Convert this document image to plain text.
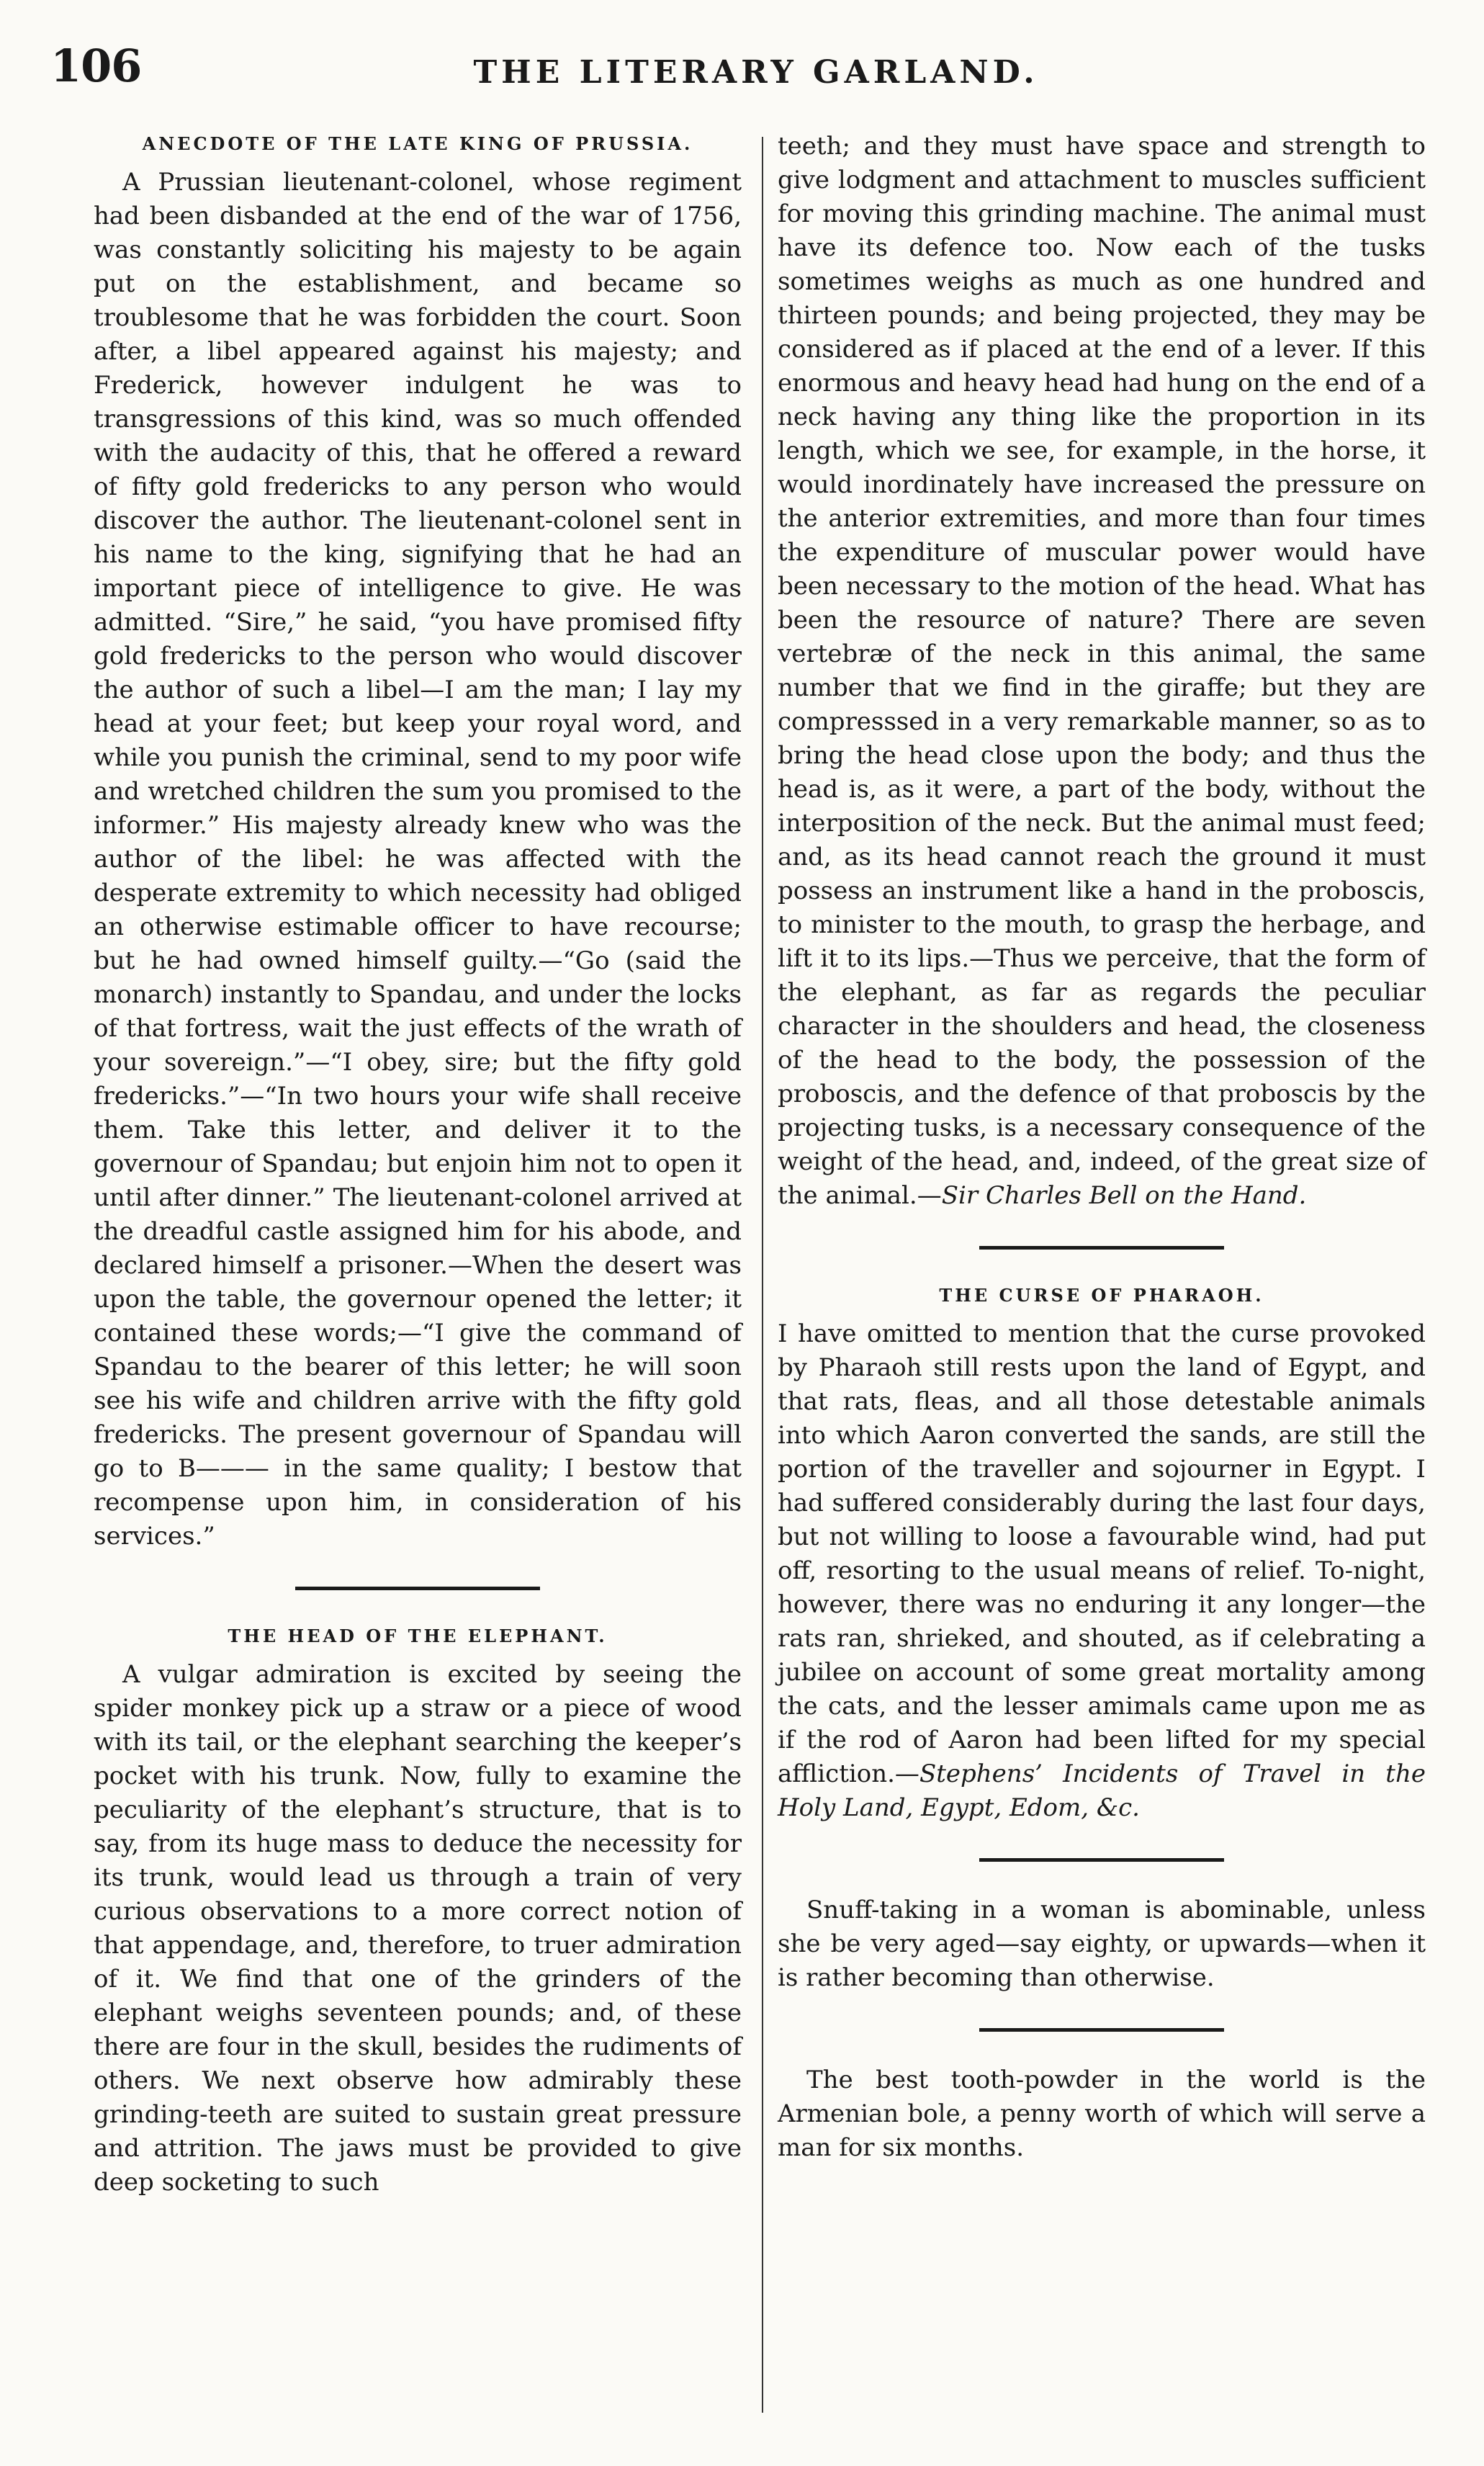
106	THE LITERARY GARLAND.
ANECDOTE OF THE LATE KING OF PRUSSIA.

A Prussian lieutenant-colonel, whose regiment had been disbanded at the end of the war of 1756, was constantly soliciting his majesty to be again put on the establishment, and became so troublesome that he was forbidden the court. Soon after, a libel appeared against his majesty; and Frederick, however indulgent he was to transgressions of this kind, was so much offended with the audacity of this, that he offered a reward of fifty gold fredericks to any person who would discover the author. The lieutenant-colonel sent in his name to the king, signifying that he had an important piece of intelligence to give. He was admitted. “Sire,” he said, “you have promised fifty gold fredericks to the person who would discover the author of such a libel—I am the man; I lay my head at your feet; but keep your royal word, and while you punish the criminal, send to my poor wife and wretched children the sum you promised to the informer.” His majesty already knew who was the author of the libel: he was affected with the desperate extremity to which necessity had obliged an otherwise estimable officer to have recourse; but he had owned himself guilty.—“Go (said the monarch) instantly to Spandau, and under the locks of that fortress, wait the just effects of the wrath of your sovereign.”—“I obey, sire; but the fifty gold fredericks.”—“In two hours your wife shall receive them. Take this letter, and deliver it to the governour of Spandau; but enjoin him not to open it until after dinner.” The lieutenant-colonel arrived at the dreadful castle assigned him for his abode, and declared himself a prisoner.—When the desert was upon the table, the governour opened the letter; it contained these words;—“I give the command of Spandau to the bearer of this letter; he will soon see his wife and children arrive with the fifty gold fredericks. The present governour of Spandau will go to B——— in the same quality; I bestow that recompense upon him, in consideration of his services.”

THE HEAD OF THE ELEPHANT.

A vulgar admiration is excited by seeing the spider monkey pick up a straw or a piece of wood with its tail, or the elephant searching the keeper’s pocket with his trunk. Now, fully to examine the peculiarity of the elephant’s structure, that is to say, from its huge mass to deduce the necessity for its trunk, would lead us through a train of very curious observations to a more correct notion of that appendage, and, therefore, to truer admiration of it. We find that one of the grinders of the elephant weighs seventeen pounds; and, of these there are four in the skull, besides the rudiments of others. We next observe how admirably these grinding-teeth are suited to sustain great pressure and attrition. The jaws must be provided to give deep socketing to such

teeth; and they must have space and strength to give lodgment and attachment to muscles sufficient for moving this grinding machine. The animal must have its defence too. Now each of the tusks sometimes weighs as much as one hundred and thirteen pounds; and being projected, they may be considered as if placed at the end of a lever. If this enormous and heavy head had hung on the end of a neck having any thing like the proportion in its length, which we see, for example, in the horse, it would inordinately have increased the pressure on the anterior extremities, and more than four times the expenditure of muscular power would have been necessary to the motion of the head. What has been the resource of nature? There are seven vertebræ of the neck in this animal, the same number that we find in the giraffe; but they are compresssed in a very remarkable manner, so as to bring the head close upon the body; and thus the head is, as it were, a part of the body, without the interposition of the neck. But the animal must feed; and, as its head cannot reach the ground it must possess an instrument like a hand in the proboscis, to minister to the mouth, to grasp the herbage, and lift it to its lips.—Thus we perceive, that the form of the elephant, as far as regards the peculiar character in the shoulders and head, the closeness of the head to the body, the possession of the proboscis, and the defence of that proboscis by the projecting tusks, is a necessary consequence of the weight of the head, and, indeed, of the great size of the animal.—Sir Charles Bell on the Hand.

THE CURSE OF PHARAOH.

I have omitted to mention that the curse provoked by Pharaoh still rests upon the land of Egypt, and that rats, fleas, and all those detestable animals into which Aaron converted the sands, are still the portion of the traveller and sojourner in Egypt. I had suffered considerably during the last four days, but not willing to loose a favourable wind, had put off, resorting to the usual means of relief. To-night, however, there was no enduring it any longer—the rats ran, shrieked, and shouted, as if celebrating a jubilee on account of some great mortality among the cats, and the lesser amimals came upon me as if the rod of Aaron had been lifted for my special affliction.—Stephens’ Incidents of Travel in the Holy Land, Egypt, Edom, &c.

Snuff-taking in a woman is abominable, unless she be very aged—say eighty, or upwards—when it is rather becoming than otherwise.

The best tooth-powder in the world is the Armenian bole, a penny worth of which will serve a man for six months.
